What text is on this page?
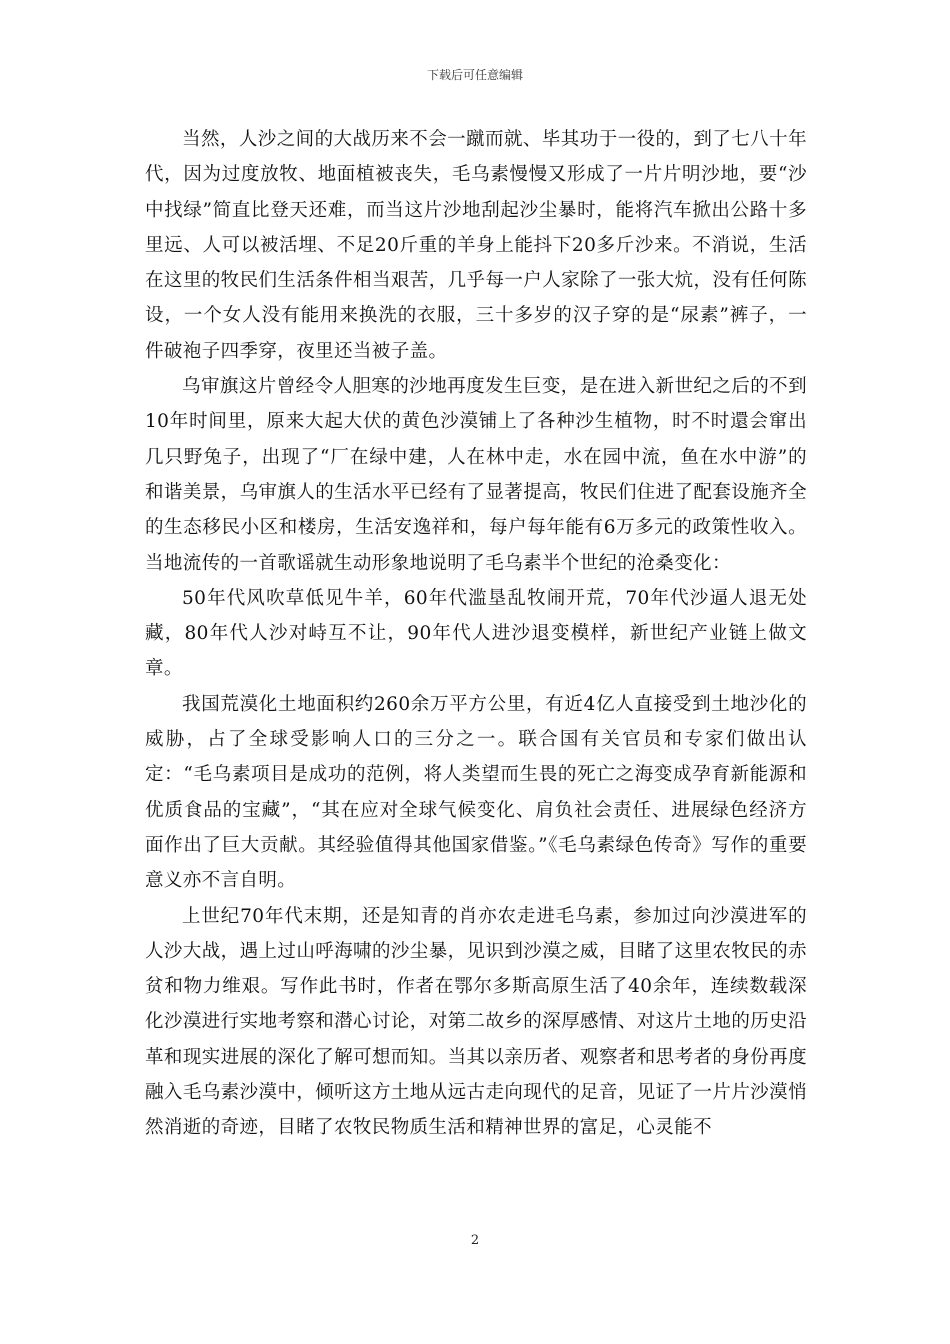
下载后可任意编辑

当然，人沙之间的大战历来不会一蹴而就、毕其功于一役的，到了七八十年代，因为过度放牧、地面植被丧失，毛乌素慢慢又形成了一片片明沙地，要“沙中找绿”简直比登天还难，而当这片沙地刮起沙尘暴时，能将汽车掀出公路十多里远、人可以被活埋、不足20斤重的羊身上能抖下20多斤沙来。不消说，生活在这里的牧民们生活条件相当艰苦，几乎每一户人家除了一张大炕，没有任何陈设，一个女人没有能用来换洗的衣服，三十多岁的汉子穿的是“尿素”裤子，一件破袍子四季穿，夜里还当被子盖。

乌审旗这片曾经令人胆寒的沙地再度发生巨变，是在进入新世纪之后的不到10年时间里，原来大起大伏的黄色沙漠铺上了各种沙生植物，时不时還会窜出几只野兔子，出现了“厂在绿中建，人在林中走，水在园中流，鱼在水中游”的和谐美景，乌审旗人的生活水平已经有了显著提高，牧民们住进了配套设施齐全的生态移民小区和楼房，生活安逸祥和，每户每年能有6万多元的政策性收入。当地流传的一首歌谣就生动形象地说明了毛乌素半个世纪的沧桑变化：

50年代风吹草低见牛羊，60年代滥垦乱牧闹开荒，70年代沙逼人退无处藏，80年代人沙对峙互不让，90年代人进沙退变模样，新世纪产业链上做文章。

我国荒漠化土地面积约260余万平方公里，有近4亿人直接受到土地沙化的威胁，占了全球受影响人口的三分之一。联合国有关官员和专家们做出认定：“毛乌素项目是成功的范例，将人类望而生畏的死亡之海变成孕育新能源和优质食品的宝藏”，“其在应对全球气候变化、肩负社会责任、进展绿色经济方面作出了巨大贡献。其经验值得其他国家借鉴。”《毛乌素绿色传奇》写作的重要意义亦不言自明。

上世纪70年代末期，还是知青的肖亦农走进毛乌素，参加过向沙漠进军的人沙大战，遇上过山呼海啸的沙尘暴，见识到沙漠之威，目睹了这里农牧民的赤贫和物力维艰。写作此书时，作者在鄂尔多斯高原生活了40余年，连续数载深化沙漠进行实地考察和潜心讨论，对第二故乡的深厚感情、对这片土地的历史沿革和现实进展的深化了解可想而知。当其以亲历者、观察者和思考者的身份再度融入毛乌素沙漠中，倾听这方土地从远古走向现代的足音，见证了一片片沙漠悄然消逝的奇迹，目睹了农牧民物质生活和精神世界的富足，心灵能不

2
